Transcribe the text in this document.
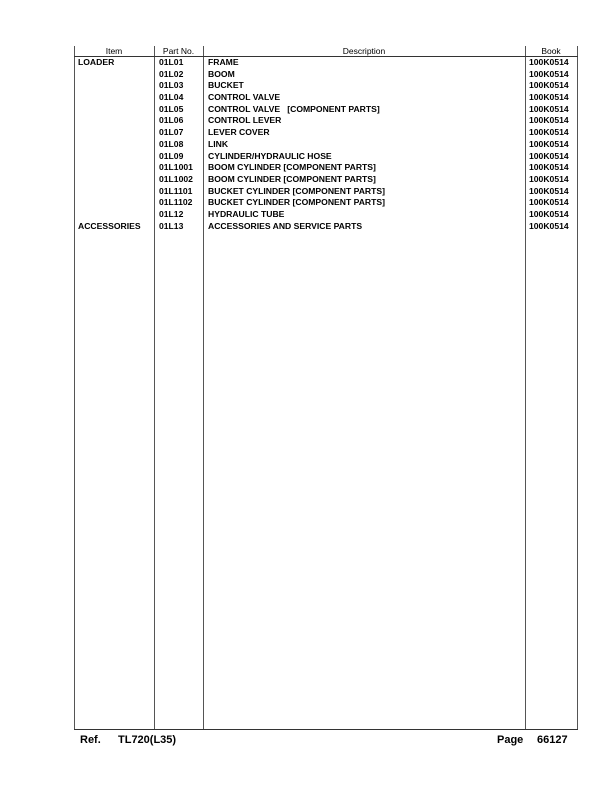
Item	Part No.	Description	Book
LOADER	01L01	FRAME	100K0514
01L02	BOOM	100K0514
01L03	BUCKET	100K0514
01L04	CONTROL VALVE	100K0514
01L05	CONTROL VALVE   [COMPONENT PARTS]	100K0514
01L06	CONTROL LEVER	100K0514
01L07	LEVER COVER	100K0514
01L08	LINK	100K0514
01L09	CYLINDER/HYDRAULIC HOSE	100K0514
01L1001 BOOM CYLINDER [COMPONENT PARTS]	100K0514
01L1002 BOOM CYLINDER [COMPONENT PARTS]	100K0514
01L1101 BUCKET CYLINDER [COMPONENT PARTS]	100K0514
01L1102 BUCKET CYLINDER [COMPONENT PARTS]	100K0514
01L12	HYDRAULIC TUBE	100K0514
ACCESSORIES 01L13	ACCESSORIES AND SERVICE PARTS	100K0514
Ref. TL720(L35)	Page 66127
